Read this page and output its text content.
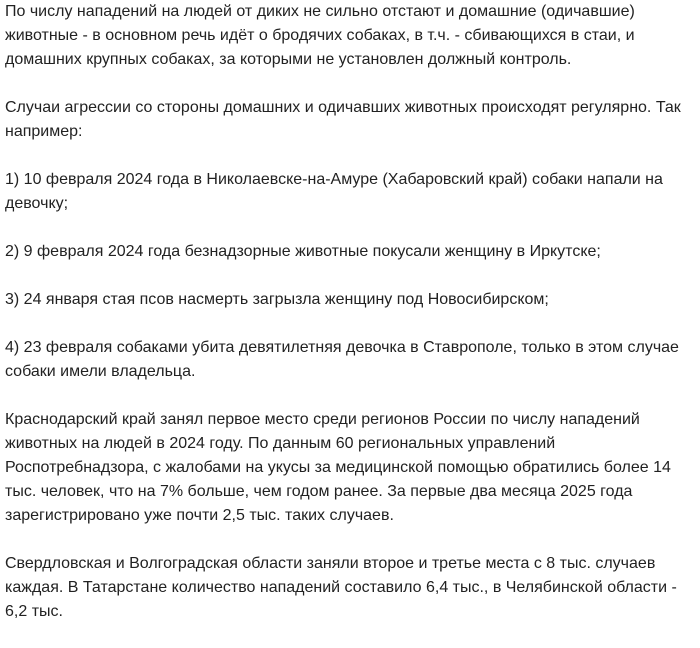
По числу нападений на людей от диких не сильно отстают и домашние (одичавшие) животные - в основном речь идёт о бродячих собаках, в т.ч. - сбивающихся в стаи, и домашних крупных собаках, за которыми не установлен должный контроль.

Случаи агрессии со стороны домашних и одичавших животных происходят регулярно. Так например:

1) 10 февраля 2024 года в Николаевске-на-Амуре (Хабаровский край) собаки напали на девочку;

2) 9 февраля 2024 года безнадзорные животные покусали женщину в Иркутске;

3) 24 января стая псов насмерть загрызла женщину под Новосибирском;

4) 23 февраля собаками убита девятилетняя девочка в Ставрополе, только в этом случае собаки имели владельца.

Краснодарский край занял первое место среди регионов России по числу нападений животных на людей в 2024 году. По данным 60 региональных управлений Роспотребнадзора, с жалобами на укусы за медицинской помощью обратились более 14 тыс. человек, что на 7% больше, чем годом ранее. За первые два месяца 2025 года зарегистрировано уже почти 2,5 тыс. таких случаев.

Свердловская и Волгоградская области заняли второе и третье места с 8 тыс. случаев каждая. В Татарстане количество нападений составило 6,4 тыс., в Челябинской области - 6,2 тыс.
